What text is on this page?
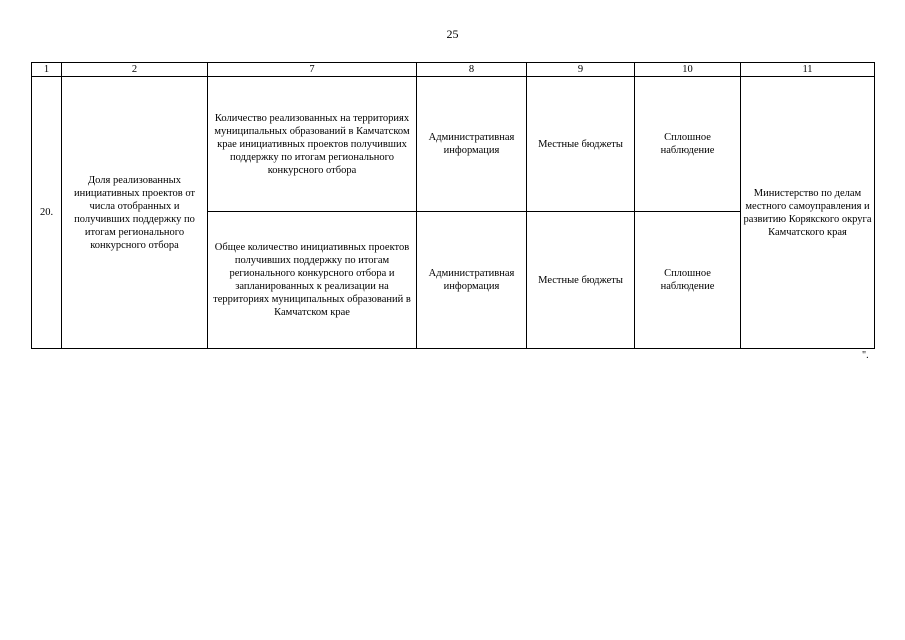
25
1	2	7	8	9	10	11
20.	Доля реализованных инициативных проектов от числа отобранных и получивших поддержку по итогам регионального конкурсного отбора	Количество реализованных на территориях муниципальных образований в Камчатском крае инициативных проектов получивших поддержку по итогам регионального конкурсного отбора	Административная информация	Местные бюджеты	Сплошное наблюдение	Министерство по делам местного самоуправления и развитию Корякского округа Камчатского края
		Общее количество инициативных проектов получивших поддержку по итогам регионального конкурсного отбора и запланированных к реализации на территориях муниципальных образований в Камчатском крае	Административная информация	Местные бюджеты	Сплошное наблюдение	
".
